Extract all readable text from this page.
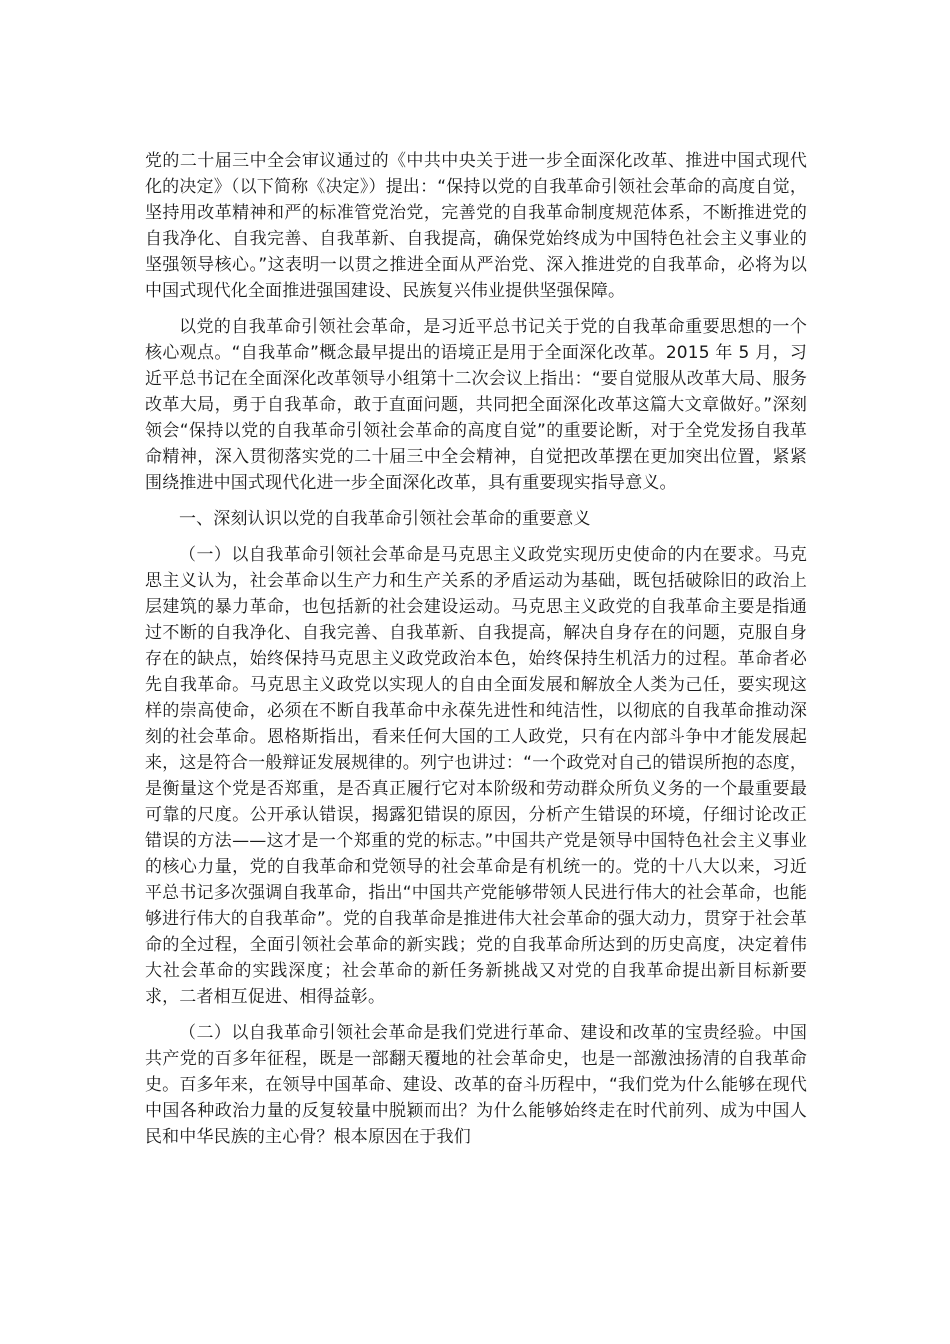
党的二十届三中全会审议通过的《中共中央关于进一步全面深化改革、推进中国式现代化的决定》（以下简称《决定》）提出：“保持以党的自我革命引领社会革命的高度自觉，坚持用改革精神和严的标准管党治党，完善党的自我革命制度规范体系，不断推进党的自我净化、自我完善、自我革新、自我提高，确保党始终成为中国特色社会主义事业的坚强领导核心。”这表明一以贯之推进全面从严治党、深入推进党的自我革命，必将为以中国式现代化全面推进强国建设、民族复兴伟业提供坚强保障。

以党的自我革命引领社会革命，是习近平总书记关于党的自我革命重要思想的一个核心观点。“自我革命”概念最早提出的语境正是用于全面深化改革。2015 年 5 月，习近平总书记在全面深化改革领导小组第十二次会议上指出：“要自觉服从改革大局、服务改革大局，勇于自我革命，敢于直面问题，共同把全面深化改革这篇大文章做好。”深刻领会“保持以党的自我革命引领社会革命的高度自觉”的重要论断，对于全党发扬自我革命精神，深入贯彻落实党的二十届三中全会精神，自觉把改革摆在更加突出位置，紧紧围绕推进中国式现代化进一步全面深化改革，具有重要现实指导意义。

一、深刻认识以党的自我革命引领社会革命的重要意义

（一）以自我革命引领社会革命是马克思主义政党实现历史使命的内在要求。马克思主义认为，社会革命以生产力和生产关系的矛盾运动为基础，既包括破除旧的政治上层建筑的暴力革命，也包括新的社会建设运动。马克思主义政党的自我革命主要是指通过不断的自我净化、自我完善、自我革新、自我提高，解决自身存在的问题，克服自身存在的缺点，始终保持马克思主义政党政治本色，始终保持生机活力的过程。革命者必先自我革命。马克思主义政党以实现人的自由全面发展和解放全人类为己任，要实现这样的崇高使命，必须在不断自我革命中永葆先进性和纯洁性，以彻底的自我革命推动深刻的社会革命。恩格斯指出，看来任何大国的工人政党，只有在内部斗争中才能发展起来，这是符合一般辩证发展规律的。列宁也讲过：“一个政党对自己的错误所抱的态度，是衡量这个党是否郑重，是否真正履行它对本阶级和劳动群众所负义务的一个最重要最可靠的尺度。公开承认错误，揭露犯错误的原因，分析产生错误的环境，仔细讨论改正错误的方法——这才是一个郑重的党的标志。”中国共产党是领导中国特色社会主义事业的核心力量，党的自我革命和党领导的社会革命是有机统一的。党的十八大以来，习近平总书记多次强调自我革命，指出“中国共产党能够带领人民进行伟大的社会革命，也能够进行伟大的自我革命”。党的自我革命是推进伟大社会革命的强大动力，贯穿于社会革命的全过程，全面引领社会革命的新实践；党的自我革命所达到的历史高度，决定着伟大社会革命的实践深度；社会革命的新任务新挑战又对党的自我革命提出新目标新要求，二者相互促进、相得益彰。

（二）以自我革命引领社会革命是我们党进行革命、建设和改革的宝贵经验。中国共产党的百多年征程，既是一部翻天覆地的社会革命史，也是一部激浊扬清的自我革命史。百多年来，在领导中国革命、建设、改革的奋斗历程中，“我们党为什么能够在现代中国各种政治力量的反复较量中脱颖而出？为什么能够始终走在时代前列、成为中国人民和中华民族的主心骨？根本原因在于我们
